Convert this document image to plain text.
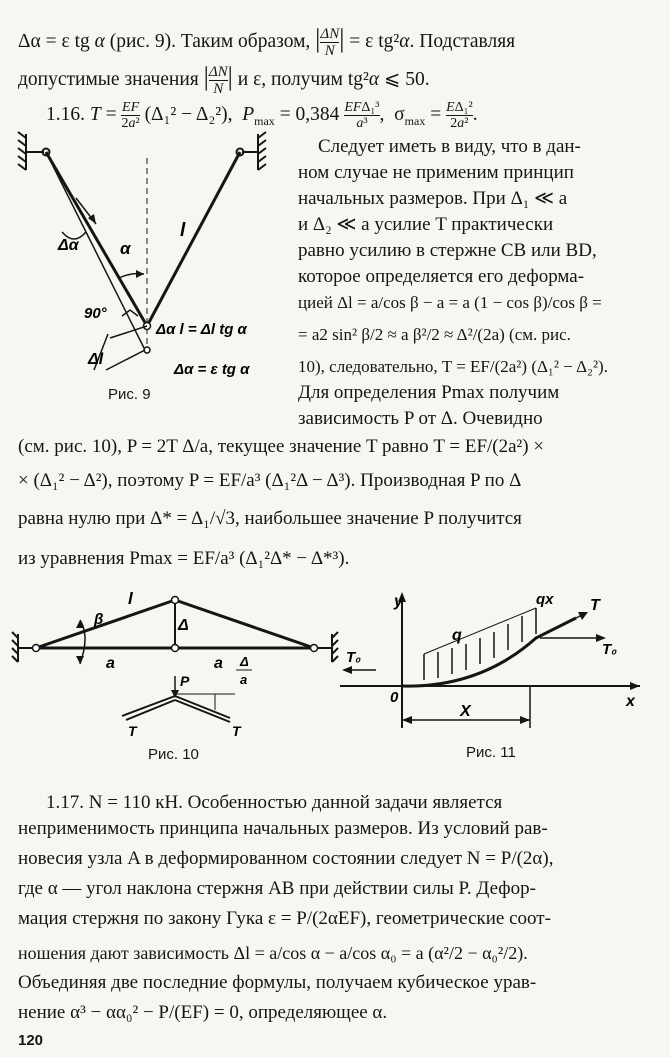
Δα = ε tg α (рис. 9). Таким образом, | $\frac{\Delta N}{N}$ | = ε tg²α. Подставляя
допустимые значения | $\frac{\Delta N}{N}$ | и ε, получим tg²α ⩽ 50.
1.16. $T = \frac{EF}{\text{2a²}} (\Delta_1^2 - \Delta_2^2)$,  $P_{max} = 0,384$ EFΔ₁³
a³ ,  $\sigma_{max} = \frac{\text{EΔ₁²}}{\text{2a²}}$ .
Следует иметь в виду, что в дан-
ном случае не применим принцип
начальных размеров. При Δ₁ ≪ a
и Δ₂ ≪ a усилие T практически
равно усилию в стержне CB или BD,
которое определяется его деформа-
цией Δl = a/cos β − a = a (1 − cos β)/cos β =
= a2 sin² β/2 ≈ a β²/2 ≈ Δ²/(2a) (см. рис.
10), следовательно, T = EF/(2a²) (Δ₁² − Δ₂²).
Для определения Pmax получим
зависимость P от Δ. Очевидно
Δα α
l
90°
Δl
Δα l = Δl tg α
Δα = ε tg α
Рис. 9
(см. рис. 10), P = 2T Δ/a, текущее значение T равно T = EF/(2a²) ×
× (Δ₁² − Δ²), поэтому P = EF/a³ (Δ₁²Δ − Δ³). Производная P по Δ
равна нулю при Δ* = Δ₁/√3, наибольшее значение P получится
из уравнения Pmax = EF/a³ (Δ₁²Δ* − Δ*³).
β
l
Δ
a	a
P
T	T
Δ
a
Рис. 10
y
x
X
0
q
qx T
T₀	T₀
Рис. 11
1.17. N = 110 кН. Особенностью данной задачи является
неприменимость принципа начальных размеров. Из условий рав-
новесия узла A в деформированном состоянии следует N = P/(2α),
где α — угол наклона стержня AB при действии силы P. Дефор-
мация стержня по закону Гука ε = P/(2αEF), геометрические соот-
ношения дают зависимость Δl = a/cos α − a/cos α₀ = a (α²/2 − α₀²/2).
Объединяя две последние формулы, получаем кубическое урав-
нение α³ − αα₀² − P/(EF) = 0, определяющее α.
120
